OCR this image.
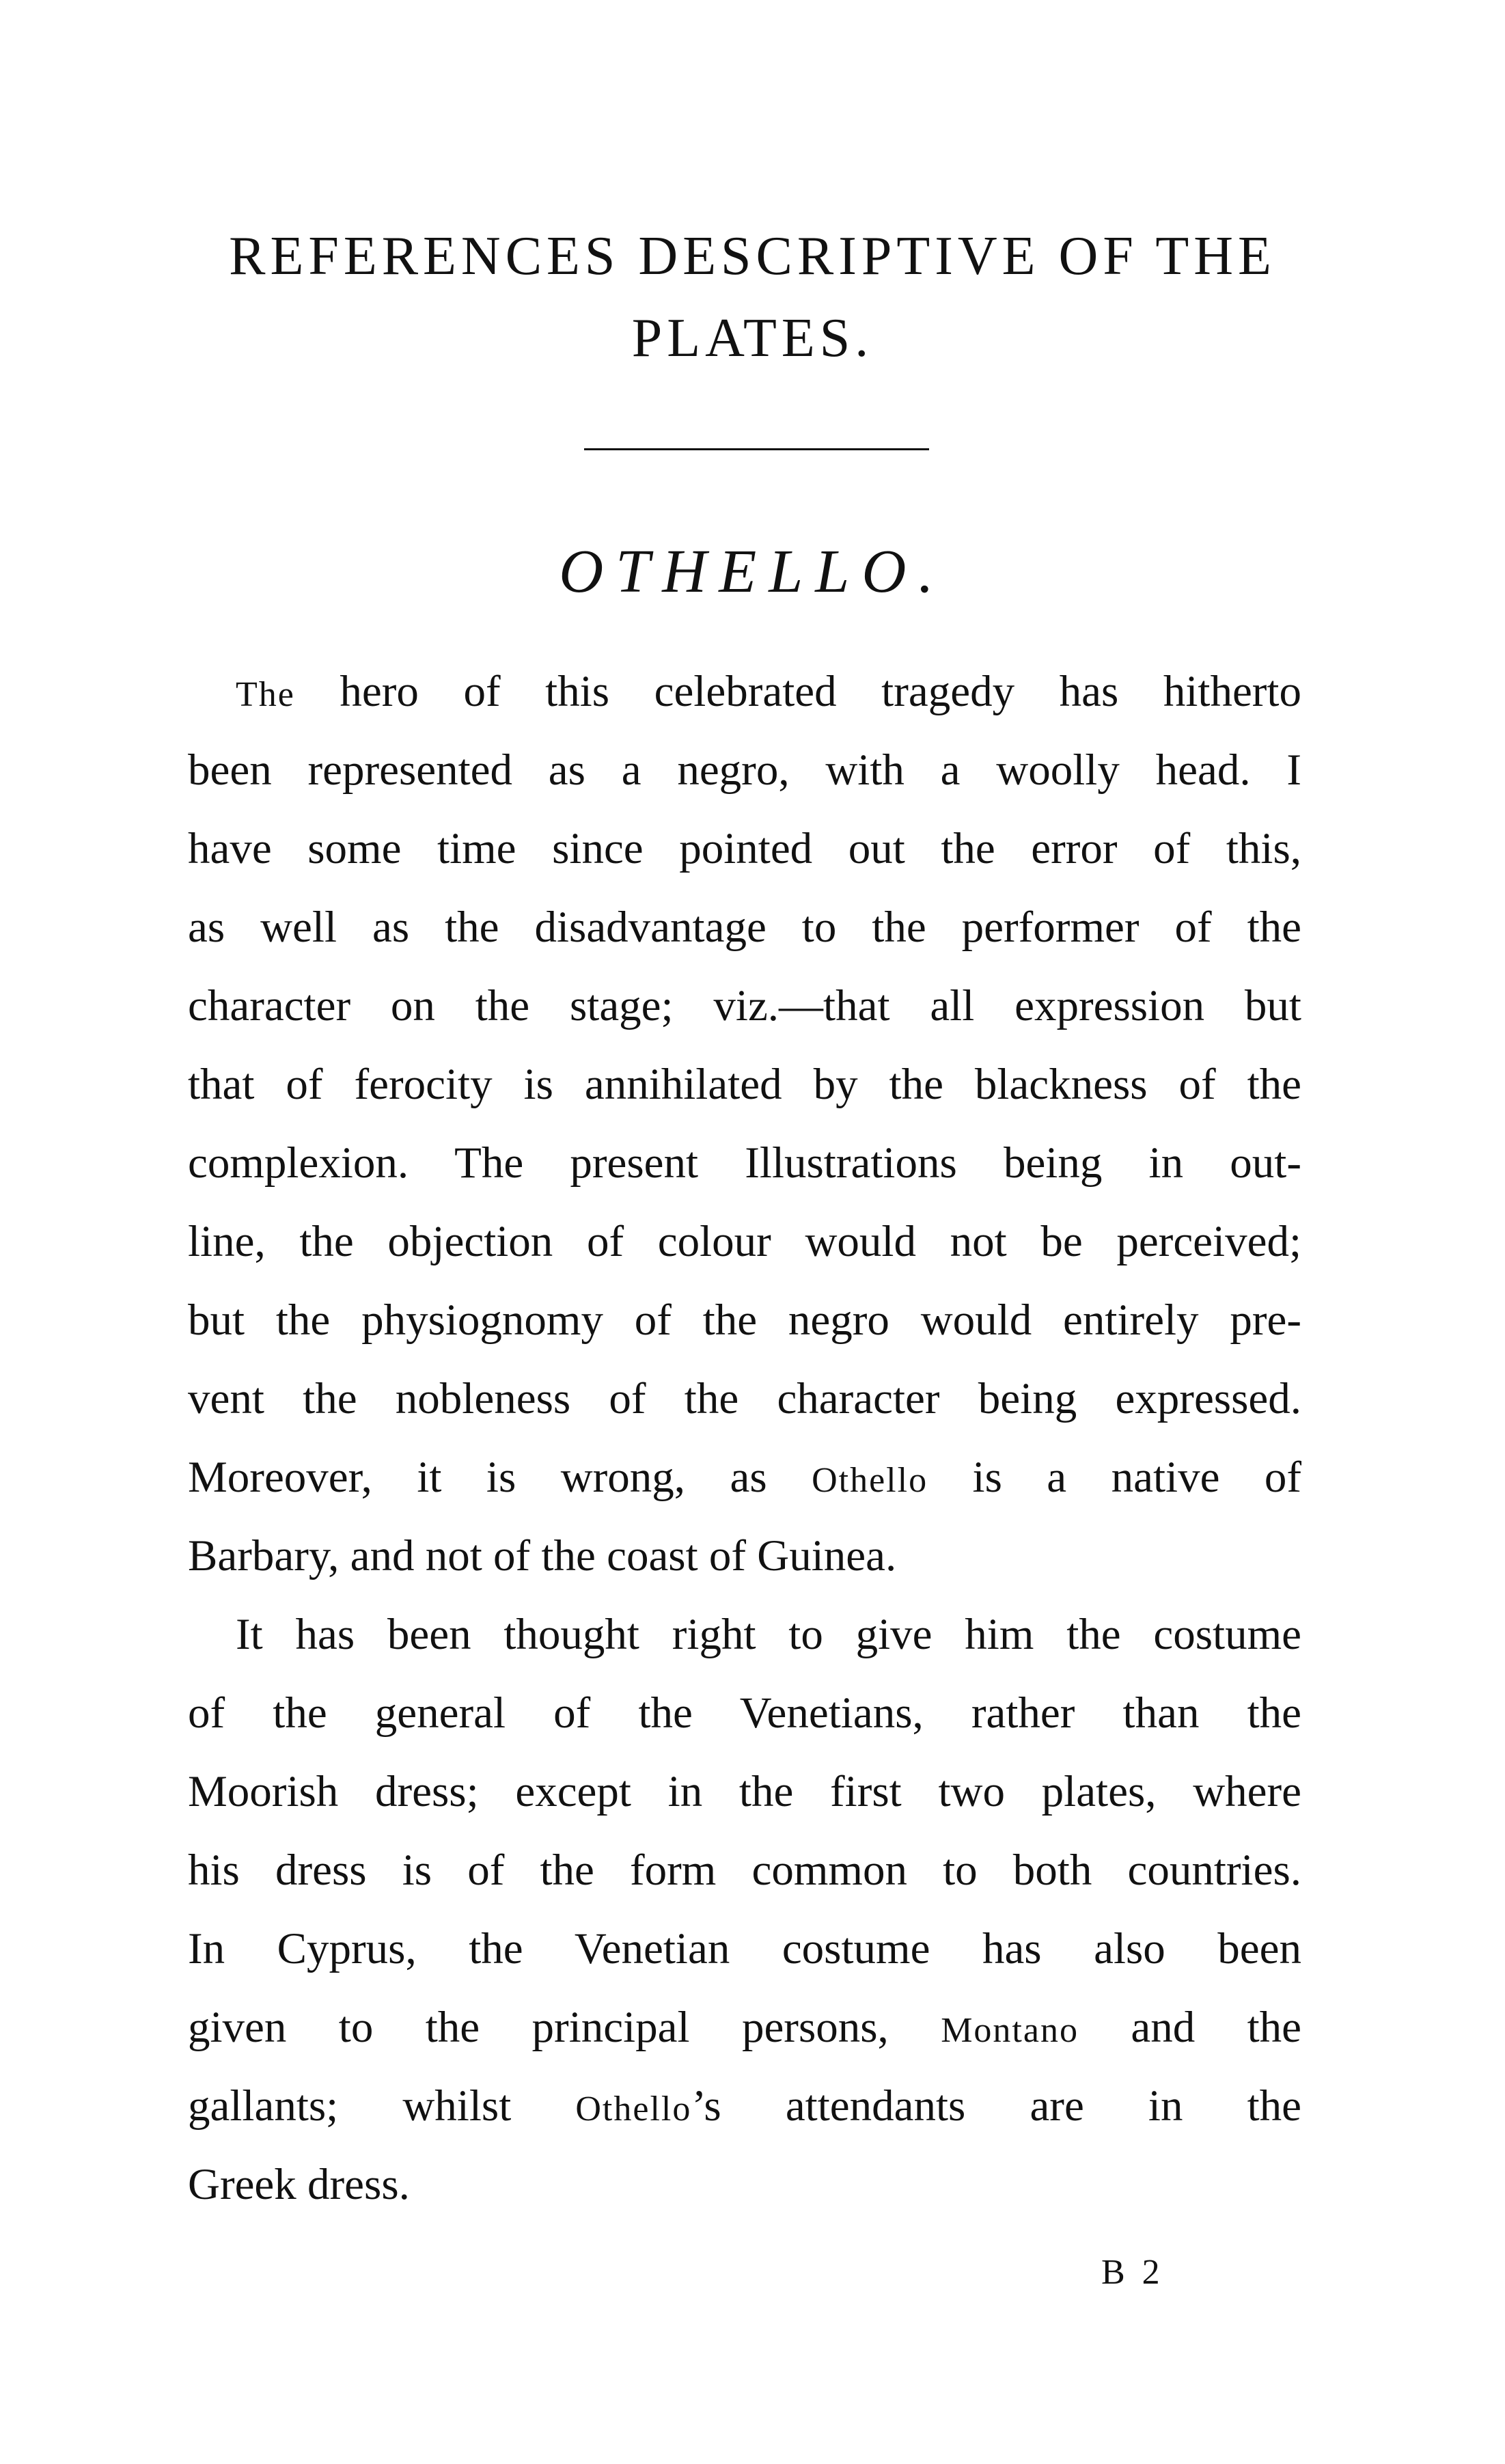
REFERENCES DESCRIPTIVE OF THE
PLATES.
OTHELLO.
The hero of this celebrated tragedy has hitherto
been represented as a negro, with a woolly head. I
have some time since pointed out the error of this,
as well as the disadvantage to the performer of the
character on the stage; viz.—that all expression but
that of ferocity is annihilated by the blackness of the
complexion. The present Illustrations being in out-
line, the objection of colour would not be perceived;
but the physiognomy of the negro would entirely pre-
vent the nobleness of the character being expressed.
Moreover, it is wrong, as Othello is a native of
Barbary, and not of the coast of Guinea.
It has been thought right to give him the costume
of the general of the Venetians, rather than the
Moorish dress; except in the first two plates, where
his dress is of the form common to both countries.
In Cyprus, the Venetian costume has also been
given to the principal persons, Montano and the
gallants; whilst Othello’s attendants are in the
Greek dress.
B 2
